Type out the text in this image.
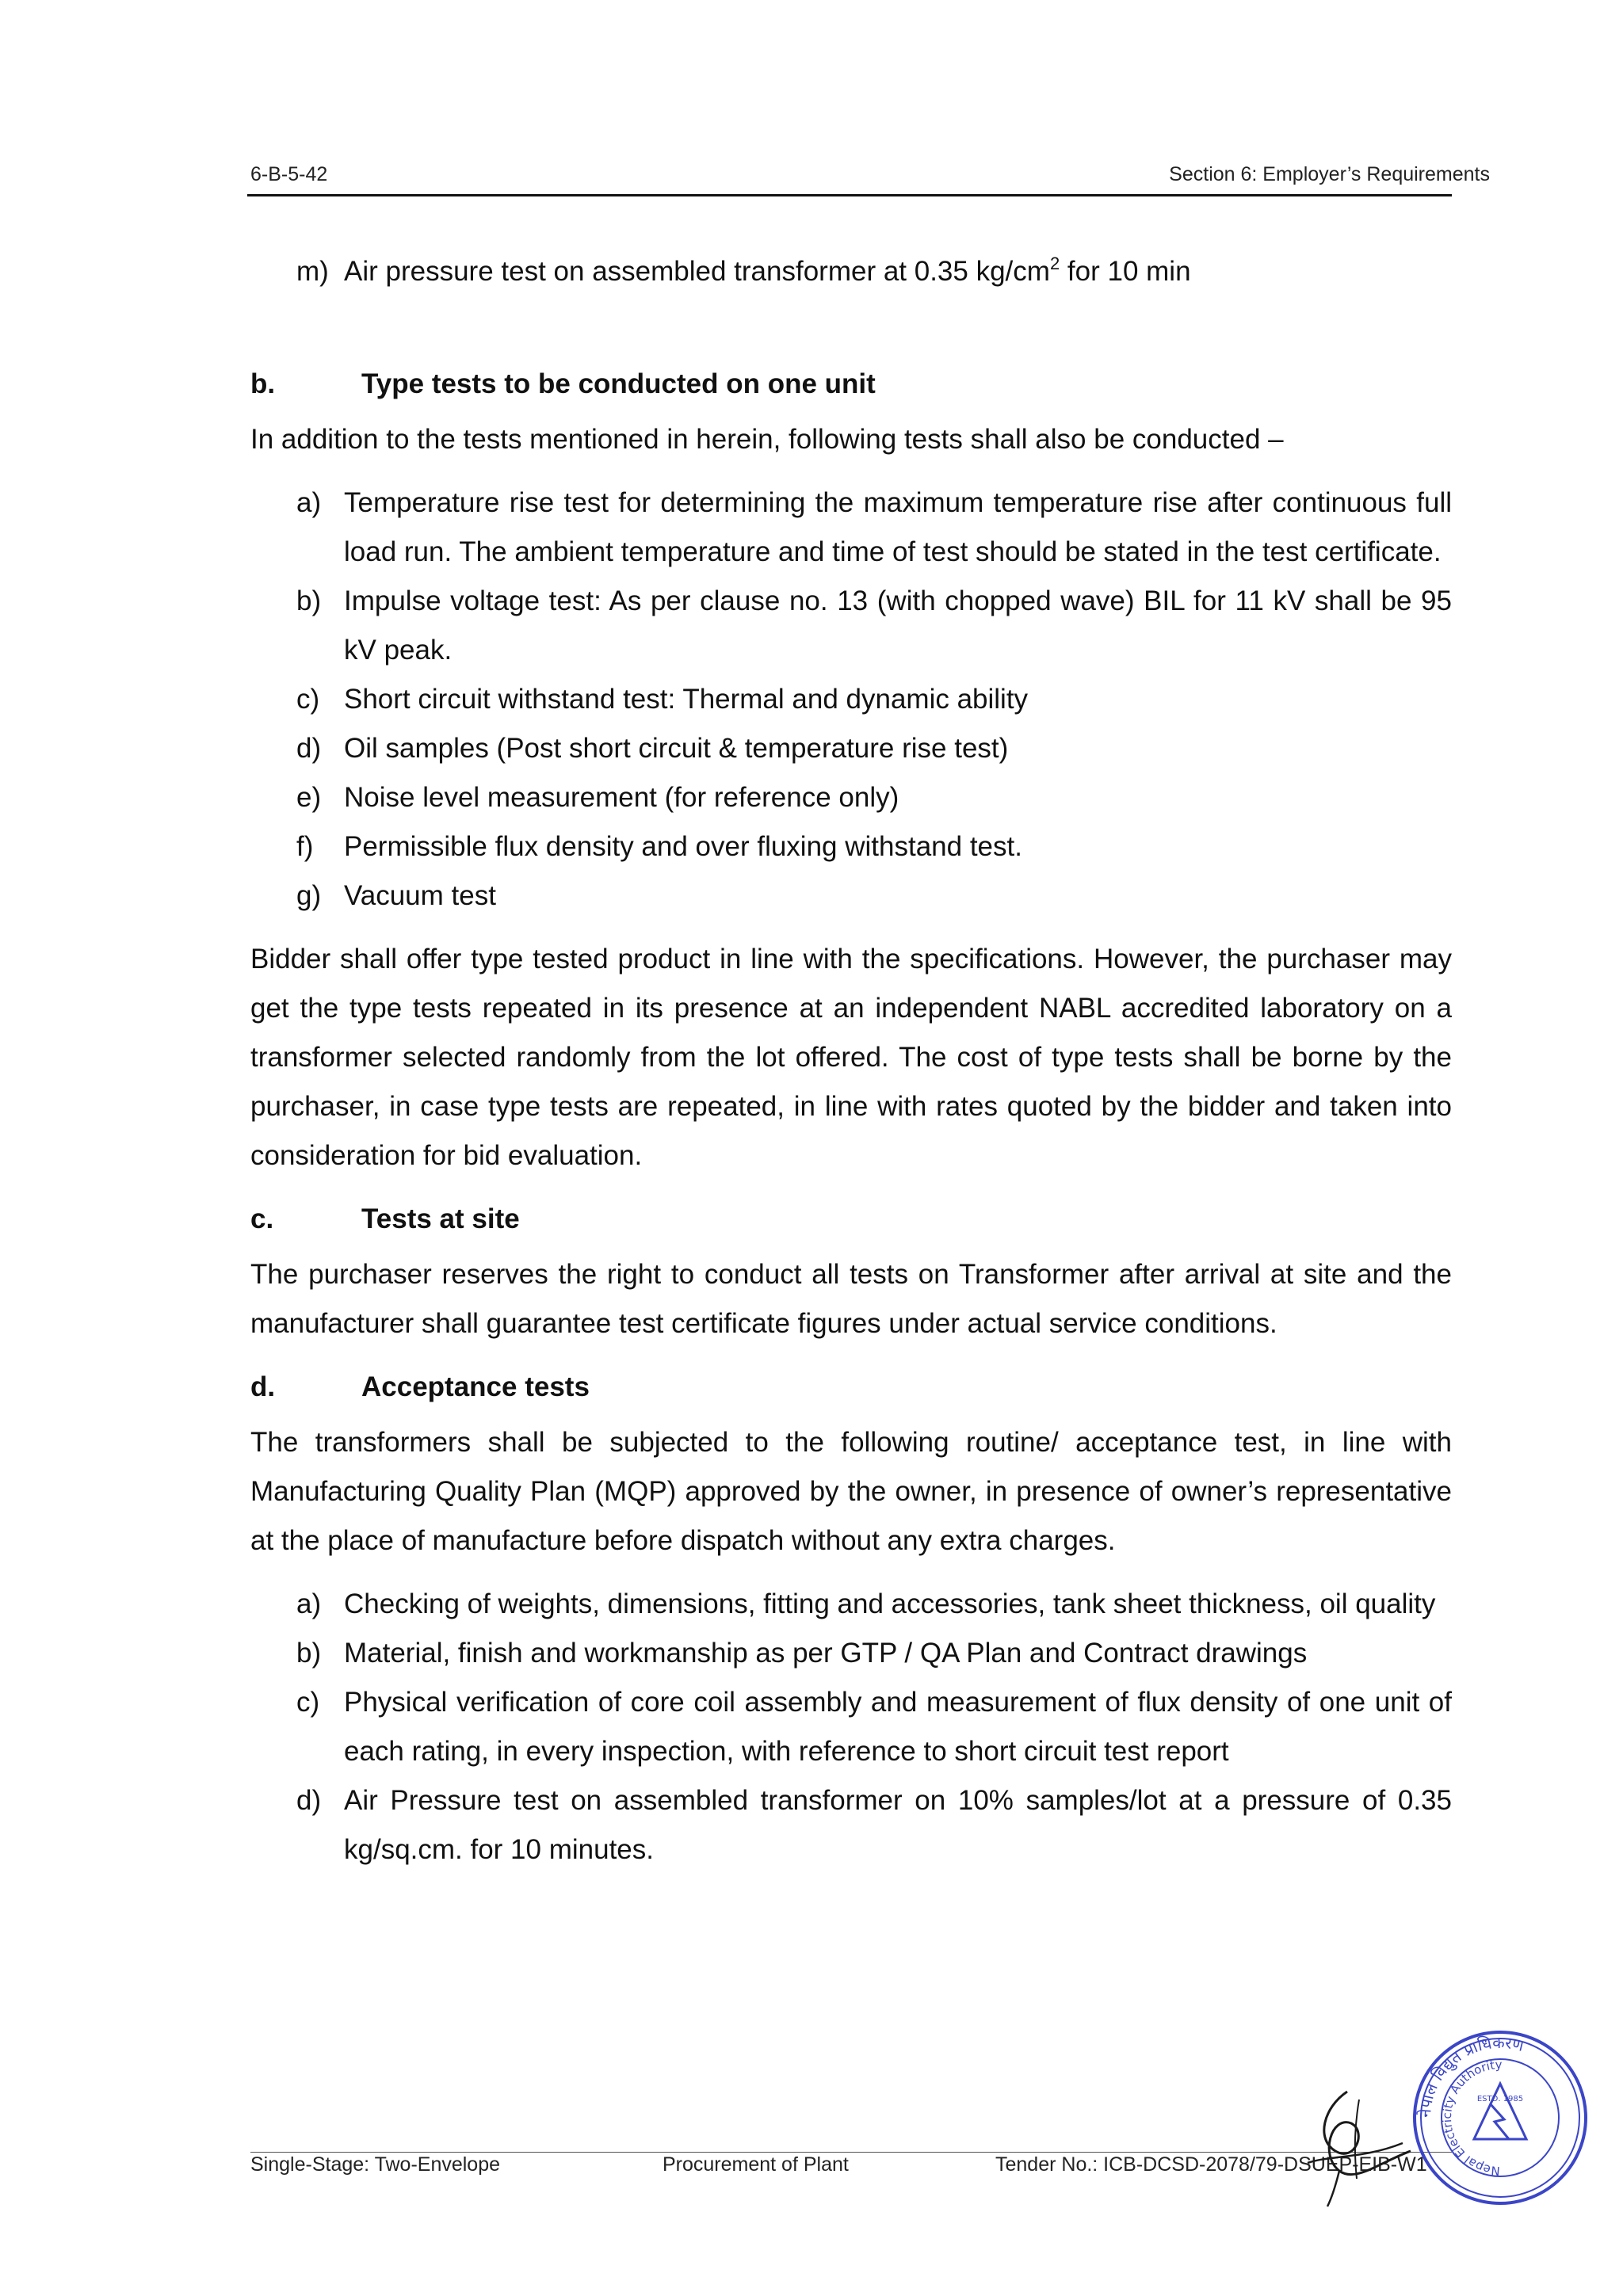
6-B-5-42	Section 6: Employer’s Requirements
m) Air pressure test on assembled transformer at 0.35 $kg/cm^2$ for 10 min
b.	Type tests to be conducted on one unit
In addition to the tests mentioned in herein, following tests shall also be conducted –
a) Temperature rise test for determining the maximum temperature rise after continuous full load run. The ambient temperature and time of test should be stated in the test certificate.
b) Impulse voltage test: As per clause no. 13 (with chopped wave) BIL for 11 kV shall be 95 kV peak.
c) Short circuit withstand test: Thermal and dynamic ability
d) Oil samples (Post short circuit & temperature rise test)
e) Noise level measurement (for reference only)
f)	Permissible flux density and over fluxing withstand test.
g) Vacuum test
Bidder shall offer type tested product in line with the specifications. However, the purchaser may get the type tests repeated in its presence at an independent NABL accredited laboratory on a transformer selected randomly from the lot offered. The cost of type tests shall be borne by the purchaser, in case type tests are repeated, in line with rates quoted by the bidder and taken into consideration for bid evaluation.
c.	Tests at site
The purchaser reserves the right to conduct all tests on Transformer after arrival at site and the manufacturer shall guarantee test certificate figures under actual service conditions.
d.	Acceptance tests
The transformers shall be subjected to the following routine/ acceptance test, in line with Manufacturing Quality Plan (MQP) approved by the owner, in presence of owner’s representative at the place of manufacture before dispatch without any extra charges.
a) Checking of weights, dimensions, fitting and accessories, tank sheet thickness, oil quality
b) Material, finish and workmanship as per GTP / QA Plan and Contract drawings
c) Physical verification of core coil assembly and measurement of flux density of one unit of each rating, in every inspection, with reference to short circuit test report
d) Air Pressure test on assembled transformer on 10% samples/lot at a pressure of 0.35 kg/sq.cm. for 10 minutes.
Single-Stage: Two-Envelope	Procurement of Plant	Tender No.: ICB-DCSD-2078/79-DSUEP-EIB-W1
नेपाल विद्युत प्राधिकरण
Nepal Electricity Authority
ESTD. 1985
